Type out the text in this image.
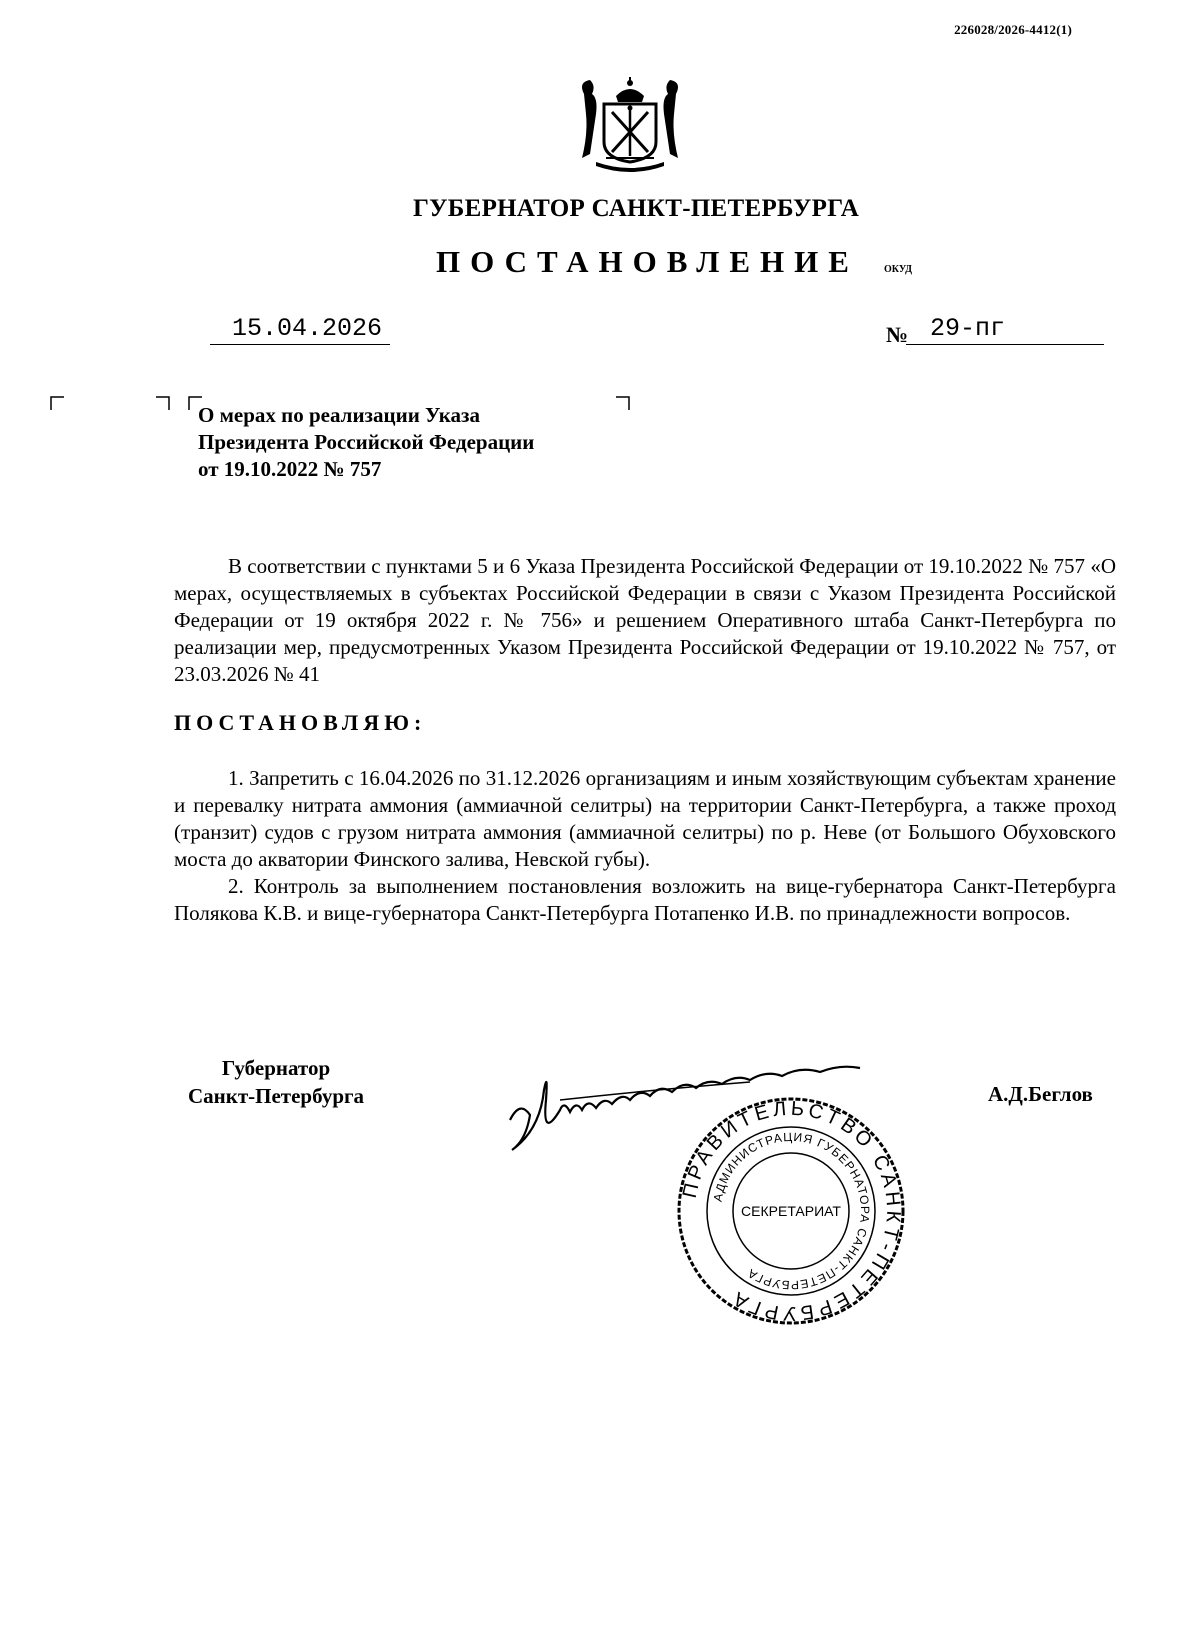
226028/2026-4412(1)
ГУБЕРНАТОР САНКТ-ПЕТЕРБУРГА
ПОСТАНОВЛЕНИЕ	ОКУД
15.04.2026	№ 29-пг
О мерах по реализации Указа
Президента Российской Федерации
от 19.10.2022 № 757

В соответствии с пунктами 5 и 6 Указа Президента Российской Федерации от 19.10.2022 № 757 «О мерах, осуществляемых в субъектах Российской Федерации в связи с Указом Президента Российской Федерации от 19 октября 2022 г. № 756» и решением Оперативного штаба Санкт-Петербурга по реализации мер, предусмотренных Указом Президента Российской Федерации от 19.10.2022 № 757, от 23.03.2026 № 41

ПОСТАНОВЛЯЮ:

1. Запретить с 16.04.2026 по 31.12.2026 организациям и иным хозяйствующим субъектам хранение и перевалку нитрата аммония (аммиачной селитры) на территории Санкт-Петербурга, а также проход (транзит) судов с грузом нитрата аммония (аммиачной селитры) по р. Неве (от Большого Обуховского моста до акватории Финского залива, Невской губы).

2. Контроль за выполнением постановления возложить на вице-губернатора Санкт-Петербурга Полякова К.В. и вице-губернатора Санкт-Петербурга Потапенко И.В. по принадлежности вопросов.

Губернатор
Санкт-Петербурга
ПРАВИТЕЛЬСТВО САНКТ-ПЕТЕРБУРГА
АДМИНИСТРАЦИЯ ГУБЕРНАТОРА САНКТ-ПЕТЕРБУРГА
СЕКРЕТАРИАТ
А.Д.Беглов
